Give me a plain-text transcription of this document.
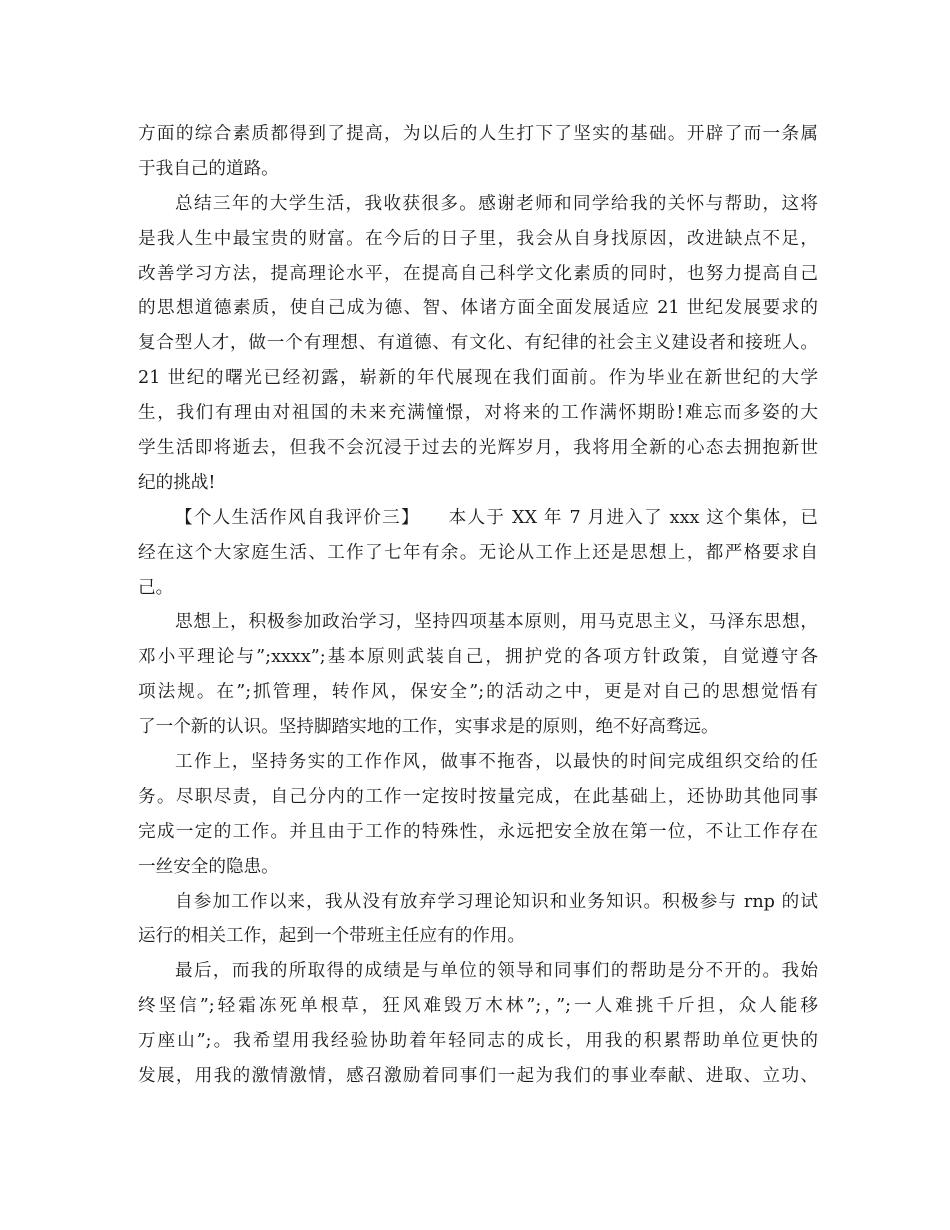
方面的综合素质都得到了提高，为以后的人生打下了坚实的基础。开辟了而一条属
于我自己的道路。
总结三年的大学生活，我收获很多。感谢老师和同学给我的关怀与帮助，这将
是我人生中最宝贵的财富。在今后的日子里，我会从自身找原因，改进缺点不足，
改善学习方法，提高理论水平，在提高自己科学文化素质的同时，也努力提高自己
的思想道德素质，使自己成为德、智、体诸方面全面发展适应 21 世纪发展要求的
复合型人才，做一个有理想、有道德、有文化、有纪律的社会主义建设者和接班人。
21 世纪的曙光已经初露，崭新的年代展现在我们面前。作为毕业在新世纪的大学
生，我们有理由对祖国的未来充满憧憬，对将来的工作满怀期盼!难忘而多姿的大
学生活即将逝去，但我不会沉浸于过去的光辉岁月，我将用全新的心态去拥抱新世
纪的挑战!
【个人生活作风自我评价三】　　本人于 XX 年 7 月进入了 xxx 这个集体，已
经在这个大家庭生活、工作了七年有余。无论从工作上还是思想上，都严格要求自
己。
思想上，积极参加政治学习，坚持四项基本原则，用马克思主义，马泽东思想，
邓小平理论与”;xxxx”;基本原则武装自己，拥护党的各项方针政策，自觉遵守各
项法规。在”;抓管理，转作风，保安全”;的活动之中，更是对自己的思想觉悟有
了一个新的认识。坚持脚踏实地的工作，实事求是的原则，绝不好高骛远。
工作上，坚持务实的工作作风，做事不拖沓，以最快的时间完成组织交给的任
务。尽职尽责，自己分内的工作一定按时按量完成，在此基础上，还协助其他同事
完成一定的工作。并且由于工作的特殊性，永远把安全放在第一位，不让工作存在
一丝安全的隐患。
自参加工作以来，我从没有放弃学习理论知识和业务知识。积极参与 rnp 的试
运行的相关工作，起到一个带班主任应有的作用。
最后，而我的所取得的成绩是与单位的领导和同事们的帮助是分不开的。我始
终坚信”;轻霜冻死单根草，狂风难毁万木林”;，”;一人难挑千斤担，众人能移
万座山”;。我希望用我经验协助着年轻同志的成长，用我的积累帮助单位更快的
发展，用我的激情激情，感召激励着同事们一起为我们的事业奉献、进取、立功、
